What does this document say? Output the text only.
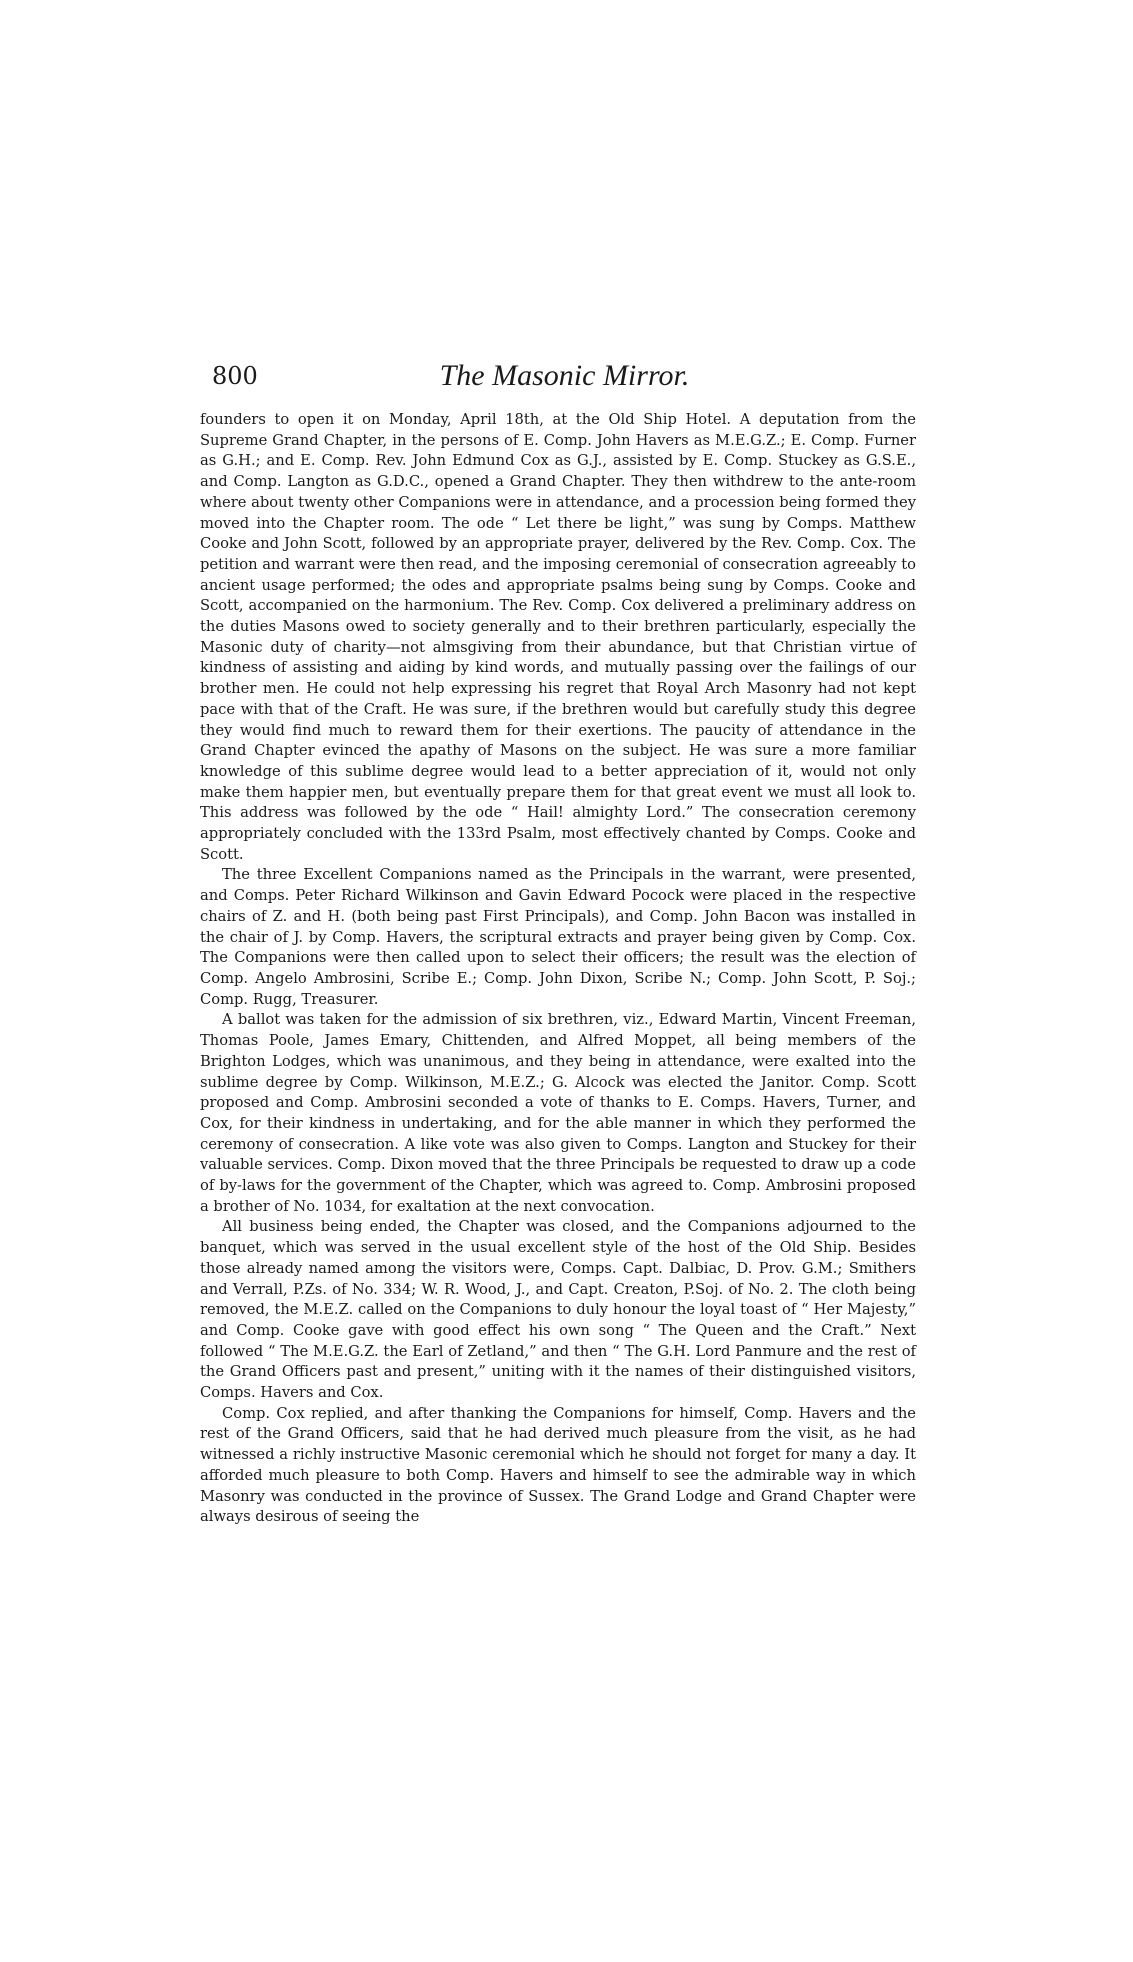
800	The Masonic Mirror.

founders to open it on Monday, April 18th, at the Old Ship Hotel. A deputation from the Supreme Grand Chapter, in the persons of E. Comp. John Havers as M.E.G.Z.; E. Comp. Furner as G.H.; and E. Comp. Rev. John Edmund Cox as G.J., assisted by E. Comp. Stuckey as G.S.E., and Comp. Langton as G.D.C., opened a Grand Chapter. They then withdrew to the ante-room where about twenty other Companions were in attendance, and a procession being formed they moved into the Chapter room. The ode “ Let there be light,” was sung by Comps. Matthew Cooke and John Scott, followed by an appropriate prayer, delivered by the Rev. Comp. Cox. The petition and warrant were then read, and the imposing ceremonial of consecration agreeably to ancient usage performed; the odes and appropriate psalms being sung by Comps. Cooke and Scott, accompanied on the harmonium. The Rev. Comp. Cox delivered a preliminary address on the duties Masons owed to society generally and to their brethren particularly, especially the Masonic duty of charity—not almsgiving from their abundance, but that Christian virtue of kindness of assisting and aiding by kind words, and mutually passing over the failings of our brother men. He could not help expressing his regret that Royal Arch Masonry had not kept pace with that of the Craft. He was sure, if the brethren would but carefully study this degree they would find much to reward them for their exertions. The paucity of attendance in the Grand Chapter evinced the apathy of Masons on the subject. He was sure a more familiar knowledge of this sublime degree would lead to a better appreciation of it, would not only make them happier men, but eventually prepare them for that great event we must all look to. This address was followed by the ode “ Hail! almighty Lord.” The consecration ceremony appropriately concluded with the 133rd Psalm, most effectively chanted by Comps. Cooke and Scott.

The three Excellent Companions named as the Principals in the warrant, were presented, and Comps. Peter Richard Wilkinson and Gavin Edward Pocock were placed in the respective chairs of Z. and H. (both being past First Principals), and Comp. John Bacon was installed in the chair of J. by Comp. Havers, the scriptural extracts and prayer being given by Comp. Cox. The Companions were then called upon to select their officers; the result was the election of Comp. Angelo Ambrosini, Scribe E.; Comp. John Dixon, Scribe N.; Comp. John Scott, P. Soj.; Comp. Rugg, Treasurer.

A ballot was taken for the admission of six brethren, viz., Edward Martin, Vincent Freeman, Thomas Poole, James Emary, Chittenden, and Alfred Moppet, all being members of the Brighton Lodges, which was unanimous, and they being in attendance, were exalted into the sublime degree by Comp. Wilkinson, M.E.Z.; G. Alcock was elected the Janitor. Comp. Scott proposed and Comp. Ambrosini seconded a vote of thanks to E. Comps. Havers, Turner, and Cox, for their kindness in undertaking, and for the able manner in which they performed the ceremony of consecration. A like vote was also given to Comps. Langton and Stuckey for their valuable services. Comp. Dixon moved that the three Principals be requested to draw up a code of by-laws for the government of the Chapter, which was agreed to. Comp. Ambrosini proposed a brother of No. 1034, for exaltation at the next convocation.

All business being ended, the Chapter was closed, and the Companions adjourned to the banquet, which was served in the usual excellent style of the host of the Old Ship. Besides those already named among the visitors were, Comps. Capt. Dalbiac, D. Prov. G.M.; Smithers and Verrall, P.Zs. of No. 334; W. R. Wood, J., and Capt. Creaton, P.Soj. of No. 2. The cloth being removed, the M.E.Z. called on the Companions to duly honour the loyal toast of “ Her Majesty,” and Comp. Cooke gave with good effect his own song “ The Queen and the Craft.” Next followed “ The M.E.G.Z. the Earl of Zetland,” and then “ The G.H. Lord Panmure and the rest of the Grand Officers past and present,” uniting with it the names of their distinguished visitors, Comps. Havers and Cox.

Comp. Cox replied, and after thanking the Companions for himself, Comp. Havers and the rest of the Grand Officers, said that he had derived much pleasure from the visit, as he had witnessed a richly instructive Masonic ceremonial which he should not forget for many a day. It afforded much pleasure to both Comp. Havers and himself to see the admirable way in which Masonry was conducted in the province of Sussex. The Grand Lodge and Grand Chapter were always desirous of seeing the
